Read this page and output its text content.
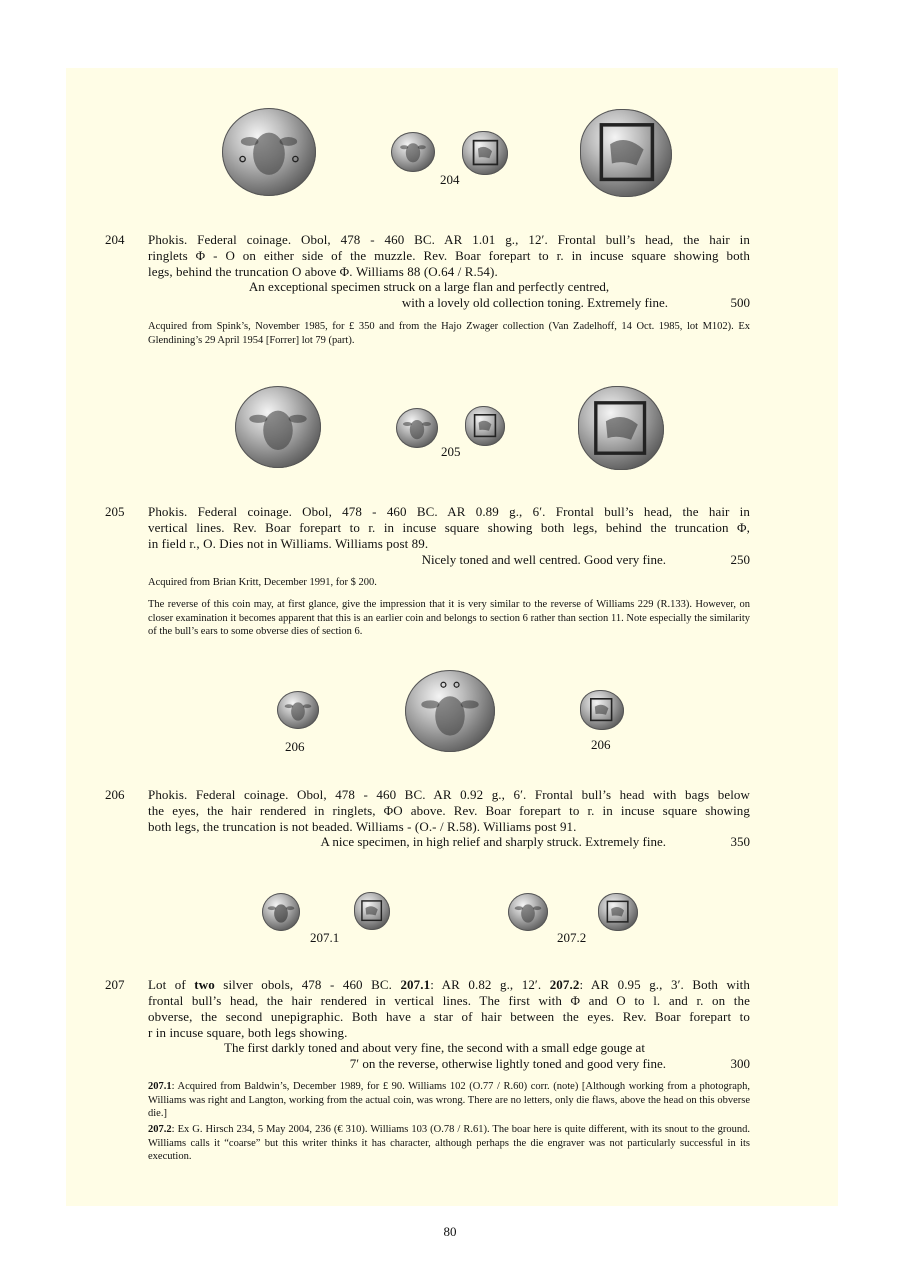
204
204 Phokis. Federal coinage. Obol, 478 - 460 BC. AR 1.01 g., 12′. Frontal bull’s head, the hair in
ringlets Φ - O on either side of the muzzle. Rev. Boar forepart to r. in incuse square showing both
legs, behind the truncation O above Φ. Williams 88 (O.64 / R.54).
An exceptional specimen struck on a large flan and perfectly centred,
with a lovely old collection toning. Extremely fine.	500
Acquired from Spink’s, November 1985, for £ 350 and from the Hajo Zwager collection (Van Zadelhoff, 14 Oct. 1985, lot M102). Ex Glendining’s 29 April 1954 [Forrer] lot 79 (part).
205
205 Phokis. Federal coinage. Obol, 478 - 460 BC. AR 0.89 g., 6′. Frontal bull’s head, the hair in
vertical lines. Rev. Boar forepart to r. in incuse square showing both legs, behind the truncation Φ,
in field r., O. Dies not in Williams. Williams post 89.
Nicely toned and well centred. Good very fine.	250
Acquired from Brian Kritt, December 1991, for $ 200.
The reverse of this coin may, at first glance, give the impression that it is very similar to the reverse of Williams 229 (R.133). However, on closer examination it becomes apparent that this is an earlier coin and belongs to section 6 rather than section 11. Note especially the similarity of the bull’s ears to some obverse dies of section 6.
206	206
206 Phokis. Federal coinage. Obol, 478 - 460 BC. AR 0.92 g., 6′. Frontal bull’s head with bags below
the eyes, the hair rendered in ringlets, ΦO above. Rev. Boar forepart to r. in incuse square showing
both legs, the truncation is not beaded. Williams - (O.- / R.58). Williams post 91.
A nice specimen, in high relief and sharply struck. Extremely fine.	350
207.1	207.2
207 Lot of two silver obols, 478 - 460 BC. 207.1: AR 0.82 g., 12′. 207.2: AR 0.95 g., 3′. Both with
frontal bull’s head, the hair rendered in vertical lines. The first with Φ and O to l. and r. on the
obverse, the second unepigraphic. Both have a star of hair between the eyes. Rev. Boar forepart to
r in incuse square, both legs showing.
The first darkly toned and about very fine, the second with a small edge gouge at
7′ on the reverse, otherwise lightly toned and good very fine.	300
207.1: Acquired from Baldwin’s, December 1989, for £ 90. Williams 102 (O.77 / R.60) corr. (note) [Although working from a photograph, Williams was right and Langton, working from the actual coin, was wrong. There are no letters, only die flaws, above the head on this obverse die.]
207.2: Ex G. Hirsch 234, 5 May 2004, 236 (€ 310). Williams 103 (O.78 / R.61). The boar here is quite different, with its snout to the ground. Williams calls it “coarse” but this writer thinks it has character, although perhaps the die engraver was not particularly successful in its execution.
80
